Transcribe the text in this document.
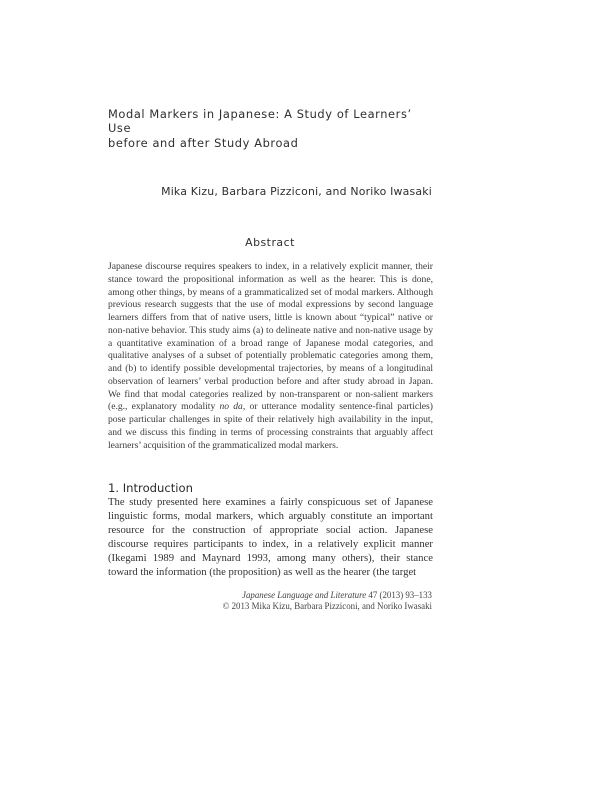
Modal Markers in Japanese: A Study of Learners’ Use
before and after Study Abroad
Mika Kizu, Barbara Pizziconi, and Noriko Iwasaki
Abstract

Japanese discourse requires speakers to index, in a relatively explicit manner, their stance toward the propositional information as well as the hearer. This is done, among other things, by means of a grammaticalized set of modal markers. Although previous research suggests that the use of modal expressions by second language learners differs from that of native users, little is known about “typical” native or non-native behavior. This study aims (a) to delineate native and non-native usage by a quantitative examination of a broad range of Japanese modal categories, and qualitative analyses of a subset of potentially problematic categories among them, and (b) to identify possible developmental trajectories, by means of a longitudinal observation of learners’ verbal production before and after study abroad in Japan. We find that modal categories realized by non-transparent or non-salient markers (e.g., explanatory modality no da, or utterance modality sentence-final particles) pose particular challenges in spite of their relatively high availability in the input, and we discuss this finding in terms of processing constraints that arguably affect learners’ acquisition of the grammaticalized modal markers.

1. Introduction

The study presented here examines a fairly conspicuous set of Japanese linguistic forms, modal markers, which arguably constitute an important resource for the construction of appropriate social action. Japanese discourse requires participants to index, in a relatively explicit manner (Ikegami 1989 and Maynard 1993, among many others), their stance toward the information (the proposition) as well as the hearer (the target

Japanese Language and Literature 47 (2013) 93–133
© 2013 Mika Kizu, Barbara Pizziconi, and Noriko Iwasaki
